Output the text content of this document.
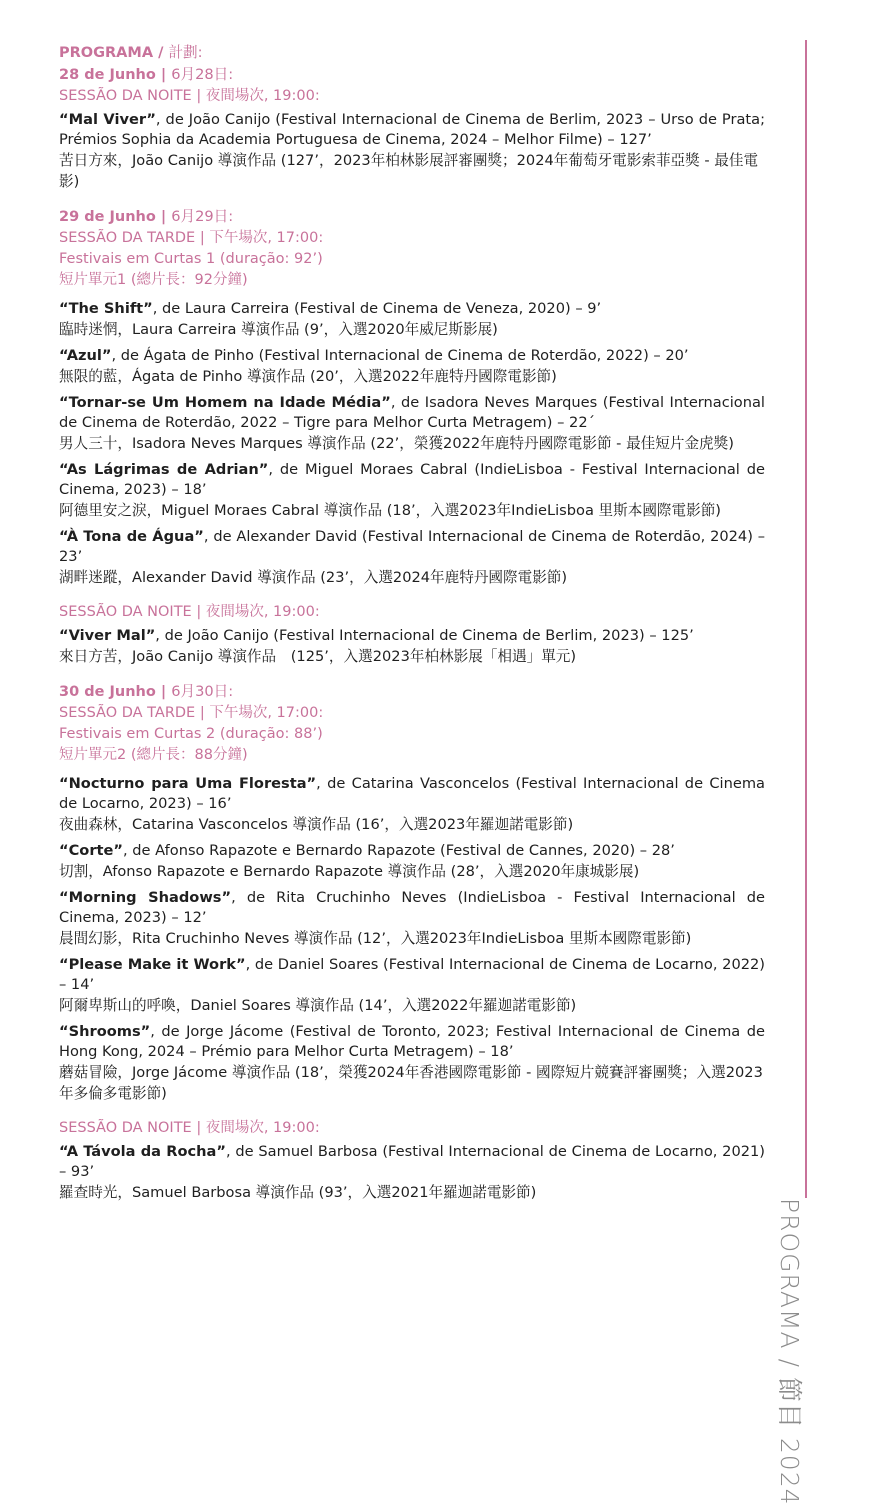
PROGRAMA / 計劃:
28 de Junho | 6月28日:
SESSÃO DA NOITE | 夜間場次, 19:00:
“Mal Viver”, de João Canijo (Festival Internacional de Cinema de Berlim, 2023 – Urso de Prata; Prémios Sophia da Academia Portuguesa de Cinema, 2024 – Melhor Filme) – 127’
苦日方來，João Canijo 導演作品 (127’，2023年柏林影展評審團獎；2024年葡萄牙電影索菲亞獎 - 最佳電影)
29 de Junho | 6月29日:
SESSÃO DA TARDE | 下午場次, 17:00:
Festivais em Curtas 1 (duração: 92’)
短片單元1 (總片長：92分鐘)
“The Shift”, de Laura Carreira (Festival de Cinema de Veneza, 2020) – 9’
臨時迷惘，Laura Carreira 導演作品 (9’，入選2020年威尼斯影展)
“Azul”, de Ágata de Pinho (Festival Internacional de Cinema de Roterdão, 2022) – 20’
無限的藍，Ágata de Pinho 導演作品 (20’，入選2022年鹿特丹國際電影節)
“Tornar-se Um Homem na Idade Média”, de Isadora Neves Marques (Festival Internacional de Cinema de Roterdão, 2022 – Tigre para Melhor Curta Metragem) – 22´
男人三十，Isadora Neves Marques 導演作品 (22’，榮獲2022年鹿特丹國際電影節 - 最佳短片金虎獎)
“As Lágrimas de Adrian”, de Miguel Moraes Cabral (IndieLisboa - Festival Internacional de Cinema, 2023) – 18’
阿德里安之淚，Miguel Moraes Cabral 導演作品 (18’，入選2023年IndieLisboa 里斯本國際電影節)
“À Tona de Água”, de Alexander David (Festival Internacional de Cinema de Roterdão, 2024) – 23’
湖畔迷蹤，Alexander David 導演作品 (23’，入選2024年鹿特丹國際電影節)
SESSÃO DA NOITE | 夜間場次, 19:00:
“Viver Mal”, de João Canijo (Festival Internacional de Cinema de Berlim, 2023) – 125’
來日方苦，João Canijo 導演作品　(125’，入選2023年柏林影展「相遇」單元)
30 de Junho | 6月30日:
SESSÃO DA TARDE | 下午場次, 17:00:
Festivais em Curtas 2 (duração: 88’)
短片單元2 (總片長：88分鐘)
“Nocturno para Uma Floresta”, de Catarina Vasconcelos (Festival Internacional de Cinema de Locarno, 2023) – 16’
夜曲森林，Catarina Vasconcelos 導演作品 (16’，入選2023年羅迦諾電影節)
“Corte”, de Afonso Rapazote e Bernardo Rapazote (Festival de Cannes, 2020) – 28’
切割，Afonso Rapazote e Bernardo Rapazote 導演作品 (28’，入選2020年康城影展)
“Morning Shadows”, de Rita Cruchinho Neves (IndieLisboa - Festival Internacional de Cinema, 2023) – 12’
晨間幻影，Rita Cruchinho Neves 導演作品 (12’，入選2023年IndieLisboa 里斯本國際電影節)
“Please Make it Work”, de Daniel Soares (Festival Internacional de Cinema de Locarno, 2022) – 14’
阿爾卑斯山的呼喚，Daniel Soares 導演作品 (14’，入選2022年羅迦諾電影節)
“Shrooms”, de Jorge Jácome (Festival de Toronto, 2023; Festival Internacional de Cinema de Hong Kong, 2024 – Prémio para Melhor Curta Metragem) – 18’
蘑菇冒險，Jorge Jácome 導演作品 (18’，榮獲2024年香港國際電影節 - 國際短片競賽評審團獎；入選2023年多倫多電影節)
SESSÃO DA NOITE | 夜間場次, 19:00:
“A Távola da Rocha”, de Samuel Barbosa (Festival Internacional de Cinema de Locarno, 2021) – 93’
羅查時光，Samuel Barbosa 導演作品 (93’，入選2021年羅迦諾電影節)
PROGRAMA / 節目 2024
